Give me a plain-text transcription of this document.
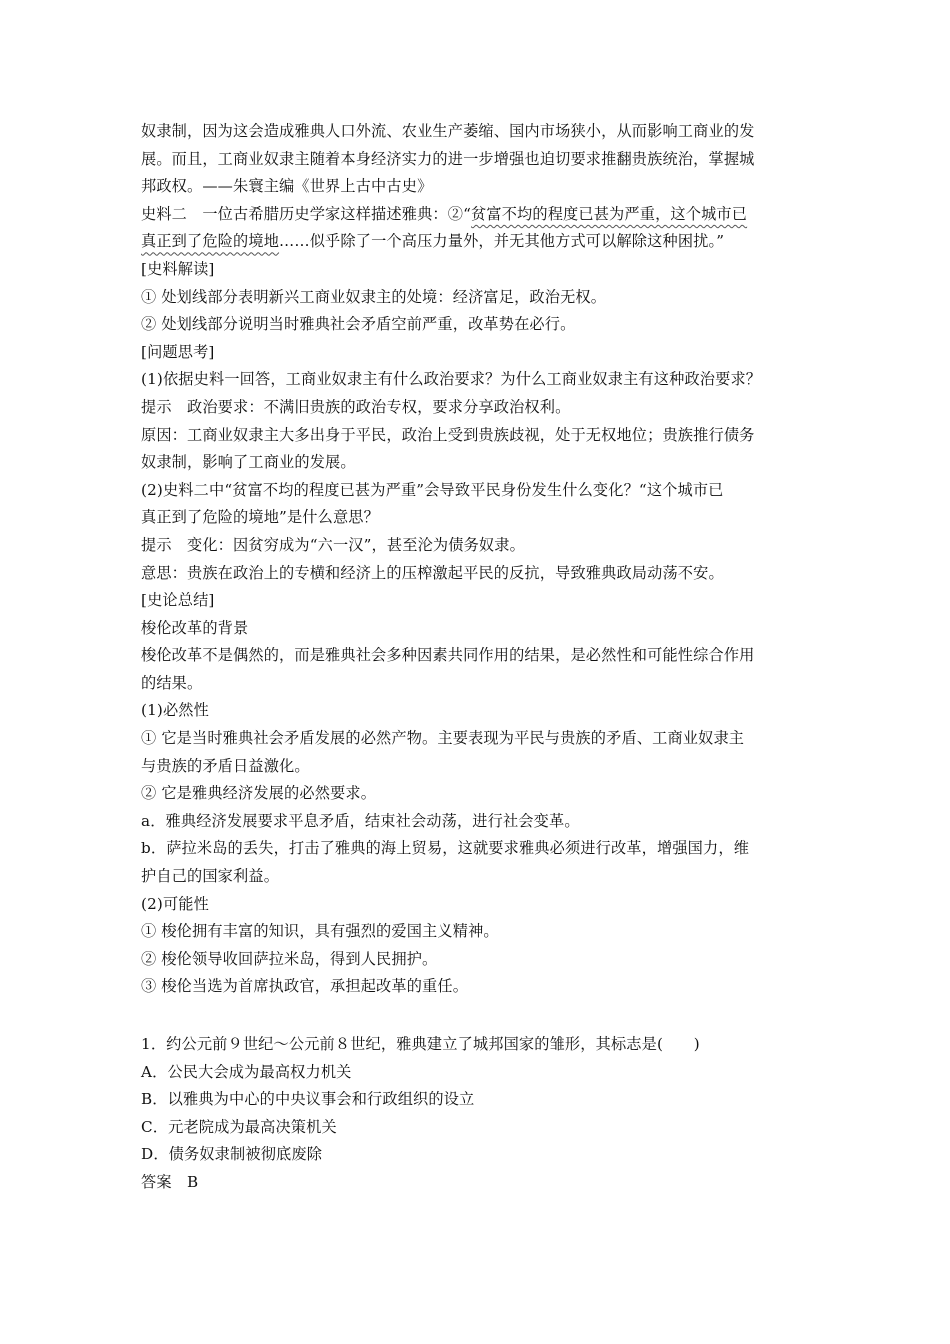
奴隶制，因为这会造成雅典人口外流、农业生产萎缩、国内市场狭小，从而影响工商业的发
展。而且，工商业奴隶主随着本身经济实力的进一步增强也迫切要求推翻贵族统治，掌握城
邦政权。——朱寰主编《世界上古中古史》
史料二　一位古希腊历史学家这样描述雅典：②“贫富不均的程度已甚为严重，这个城市已
真正到了危险的境地……似乎除了一个高压力量外，并无其他方式可以解除这种困扰。”
[史料解读]
① 处划线部分表明新兴工商业奴隶主的处境：经济富足，政治无权。
② 处划线部分说明当时雅典社会矛盾空前严重，改革势在必行。
[问题思考]
(1)依据史料一回答，工商业奴隶主有什么政治要求？为什么工商业奴隶主有这种政治要求？
提示　政治要求：不满旧贵族的政治专权，要求分享政治权利。
原因：工商业奴隶主大多出身于平民，政治上受到贵族歧视，处于无权地位；贵族推行债务
奴隶制，影响了工商业的发展。
(2)史料二中“贫富不均的程度已甚为严重”会导致平民身份发生什么变化？“这个城市已
真正到了危险的境地”是什么意思？
提示　变化：因贫穷成为“六一汉”，甚至沦为债务奴隶。
意思：贵族在政治上的专横和经济上的压榨激起平民的反抗，导致雅典政局动荡不安。
[史论总结]
梭伦改革的背景
梭伦改革不是偶然的，而是雅典社会多种因素共同作用的结果，是必然性和可能性综合作用
的结果。
(1)必然性
① 它是当时雅典社会矛盾发展的必然产物。主要表现为平民与贵族的矛盾、工商业奴隶主
与贵族的矛盾日益激化。
② 它是雅典经济发展的必然要求。
a．雅典经济发展要求平息矛盾，结束社会动荡，进行社会变革。
b．萨拉米岛的丢失，打击了雅典的海上贸易，这就要求雅典必须进行改革，增强国力，维
护自己的国家利益。
(2)可能性
① 梭伦拥有丰富的知识，具有强烈的爱国主义精神。
② 梭伦领导收回萨拉米岛，得到人民拥护。
③ 梭伦当选为首席执政官，承担起改革的重任。
1．约公元前９世纪～公元前８世纪，雅典建立了城邦国家的雏形，其标志是(　　)
A．公民大会成为最高权力机关
B．以雅典为中心的中央议事会和行政组织的设立
C．元老院成为最高决策机关
D．债务奴隶制被彻底废除
答案　B
